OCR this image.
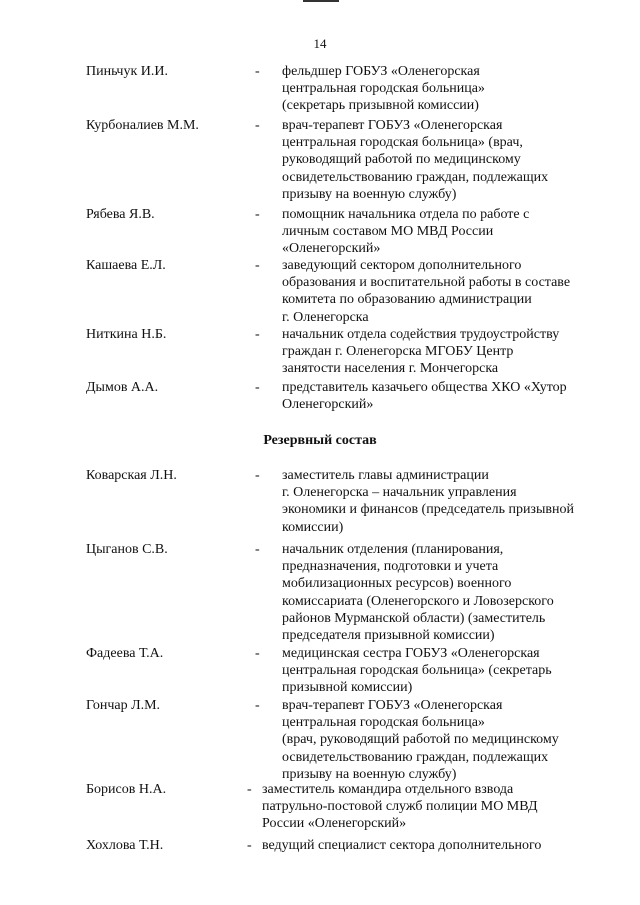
14
Пиньчук И.И.	- фельдшер ГОБУЗ «Оленегорская
центральная городская больница»
(секретарь призывной комиссии)
Курбоналиев М.М.	- врач-терапевт ГОБУЗ «Оленегорская
центральная городская больница» (врач,
руководящий работой по медицинскому
освидетельствованию граждан, подлежащих
призыву на военную службу)
Рябева Я.В.	- помощник начальника отдела по работе с
личным составом МО МВД России
«Оленегорский»
Кашаева Е.Л.	- заведующий сектором дополнительного
образования и воспитательной работы в составе
комитета по образованию администрации
г. Оленегорска
Ниткина Н.Б.	- начальник отдела содействия трудоустройству
граждан г. Оленегорска МГОБУ Центр
занятости населения г. Мончегорска
Дымов А.А.	- представитель казачьего общества ХКО «Хутор
Оленегорский»
Резервный состав
Коварская Л.Н.	- заместитель главы администрации
г. Оленегорска – начальник управления
экономики и финансов (председатель призывной
комиссии)
Цыганов С.В.	- начальник отделения (планирования,
предназначения, подготовки и учета
мобилизационных ресурсов) военного
комиссариата (Оленегорского и Ловозерского
районов Мурманской области) (заместитель
председателя призывной комиссии)
Фадеева Т.А.	- медицинская сестра ГОБУЗ «Оленегорская
центральная городская больница» (секретарь
призывной комиссии)
Гончар Л.М.	- врач-терапевт ГОБУЗ «Оленегорская
центральная городская больница»
(врач, руководящий работой по медицинскому
освидетельствованию граждан, подлежащих
призыву на военную службу)
Борисов Н.А.	- заместитель командира отдельного взвода
патрульно-постовой служб полиции МО МВД
России «Оленегорский»
Хохлова Т.Н.	- ведущий специалист сектора дополнительного
